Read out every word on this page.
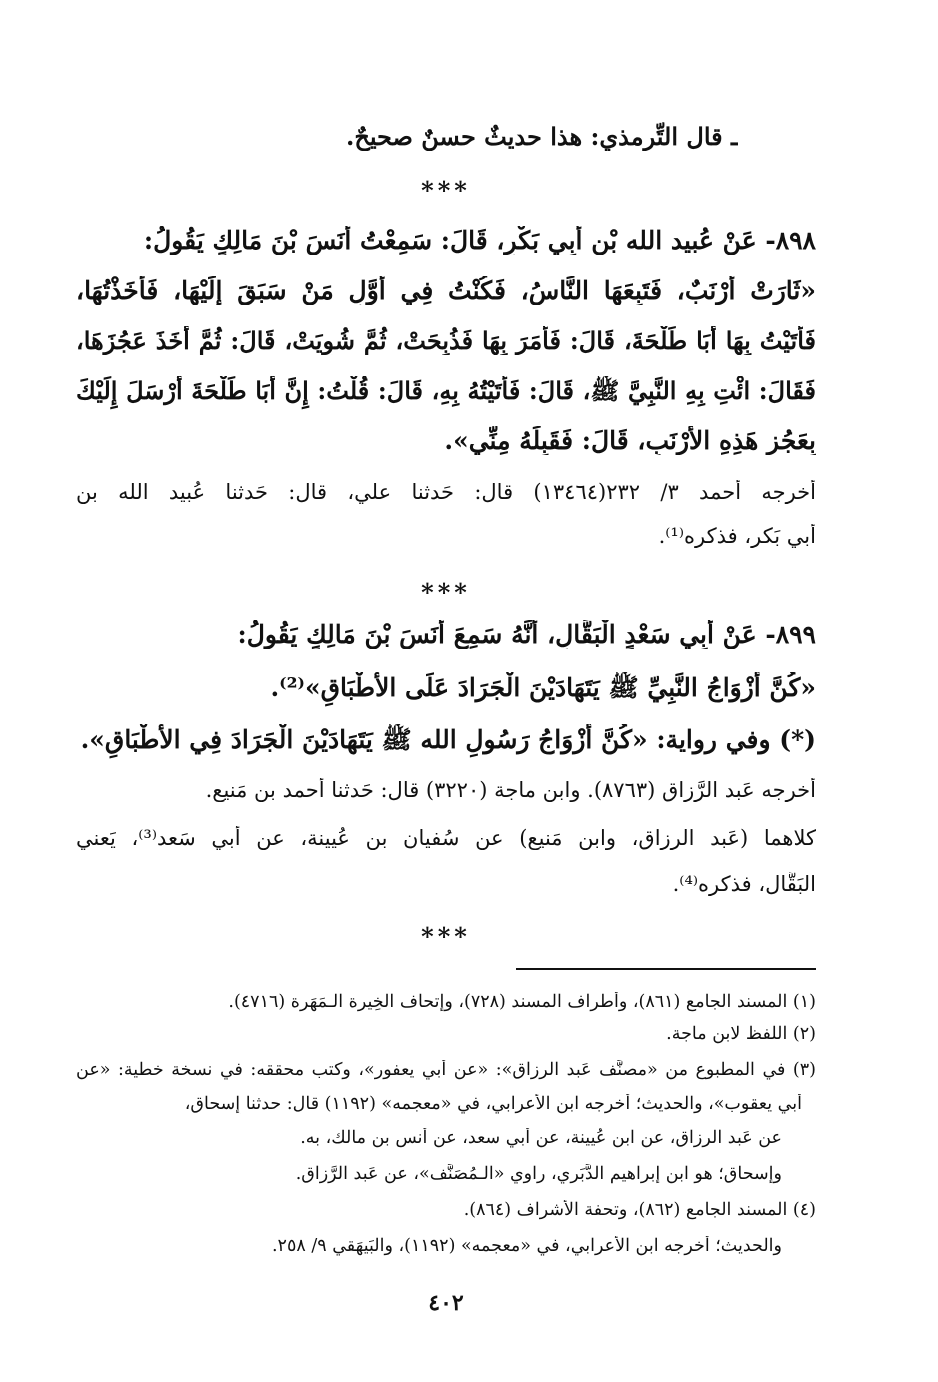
ـ قال التِّرمذي: هذا حديثٌ حسنٌ صحيحٌ.

***

٨٩٨- عَنْ عُبيد الله بْنِ أَبِي بَكْرٍ، قَالَ: سَمِعْتُ أَنَسَ بْنَ مَالِكٍ يَقُولُ:

«ثَارَتْ أَرْنَبٌ، فَتَبِعَهَا النَّاسُ، فَكُنْتُ فِي أَوَّلِ مَنْ سَبَقَ إِلَيْهَا، فَأَخَذْتُهَا،

فَأَتَيْتُ بِهَا أَبَا طَلْحَةَ، قَالَ: فَأَمَرَ بِهَا فَذُبِحَتْ، ثُمَّ شُوِيَتْ، قَالَ: ثُمَّ أَخَذَ عَجُزَهَا،

فَقَالَ: ائْتِ بِهِ النَّبِيَّ ﷺ، قَالَ: فَأَتَيْتُهُ بِهِ، قَالَ: قُلْتُ: إِنَّ أَبَا طَلْحَةَ أَرْسَلَ إِلَيْكَ

بِعَجُزِ هَذِهِ الأَرْنَبِ، قَالَ: فَقَبِلَهُ مِنِّي».

أخرجه أحمد ٣/ ٢٣٢(١٣٤٦٤) قال: حَدثنا علي، قال: حَدثنا عُبيد الله بن

أَبي بَكر، فذكره⁽¹⁾.

***

٨٩٩- عَنْ أَبِي سَعْدٍ الْبَقَّالِ، أَنَّهُ سَمِعَ أَنَسَ بْنَ مَالِكٍ يَقُولُ:

«كُنَّ أَزْوَاجُ النَّبِيِّ ﷺ يَتَهَادَيْنَ الْجَرَادَ عَلَى الأَطْبَاقِ»⁽²⁾.

(*) وفي رواية: «كُنَّ أَزْوَاجُ رَسُولِ الله ﷺ يَتَهَادَيْنَ الْجَرَادَ فِي الأَطْبَاقِ».

أخرجه عَبد الرَّزاق (٨٧٦٣). وابن ماجة (٣٢٢٠) قال: حَدثنا أَحمد بن مَنيع.

كلاهما (عَبد الرزاق، وابن مَنيع) عن سُفيان بن عُيينة، عن أَبي سَعد⁽³⁾، يَعني

البَقَّال، فذكره⁽⁴⁾.

***

(١) المسند الجامع (٨٦١)، وأطراف المسند (٧٢٨)، وإتحاف الخِيرة الـمَهَرة (٤٧١٦).

(٢) اللفظ لابن ماجة.

(٣) في المطبوع من «مصنَّف عَبد الرزاق»: «عن أَبي يعفور»، وكتب محققه: في نسخة خطية: «عن

أَبي يعقوب»، والحديث؛ أخرجه ابن الأعرابي، في «معجمه» (١١٩٢) قال: حدثنا إِسحاق،

عن عَبد الرزاق، عن ابن عُيينة، عن أَبي سعد، عن أَنس بن مالك، به.

وإِسحاق؛ هو ابن إبراهيم الدَّبَري، راوي «الـمُصَنَّف»، عن عَبد الرَّزاق.

(٤) المسند الجامع (٨٦٢)، وتحفة الأشراف (٨٦٤).

والحديث؛ أخرجه ابن الأعرابي، في «معجمه» (١١٩٢)، والبَيهَقي ٩/ ٢٥٨.

٤٠٢
